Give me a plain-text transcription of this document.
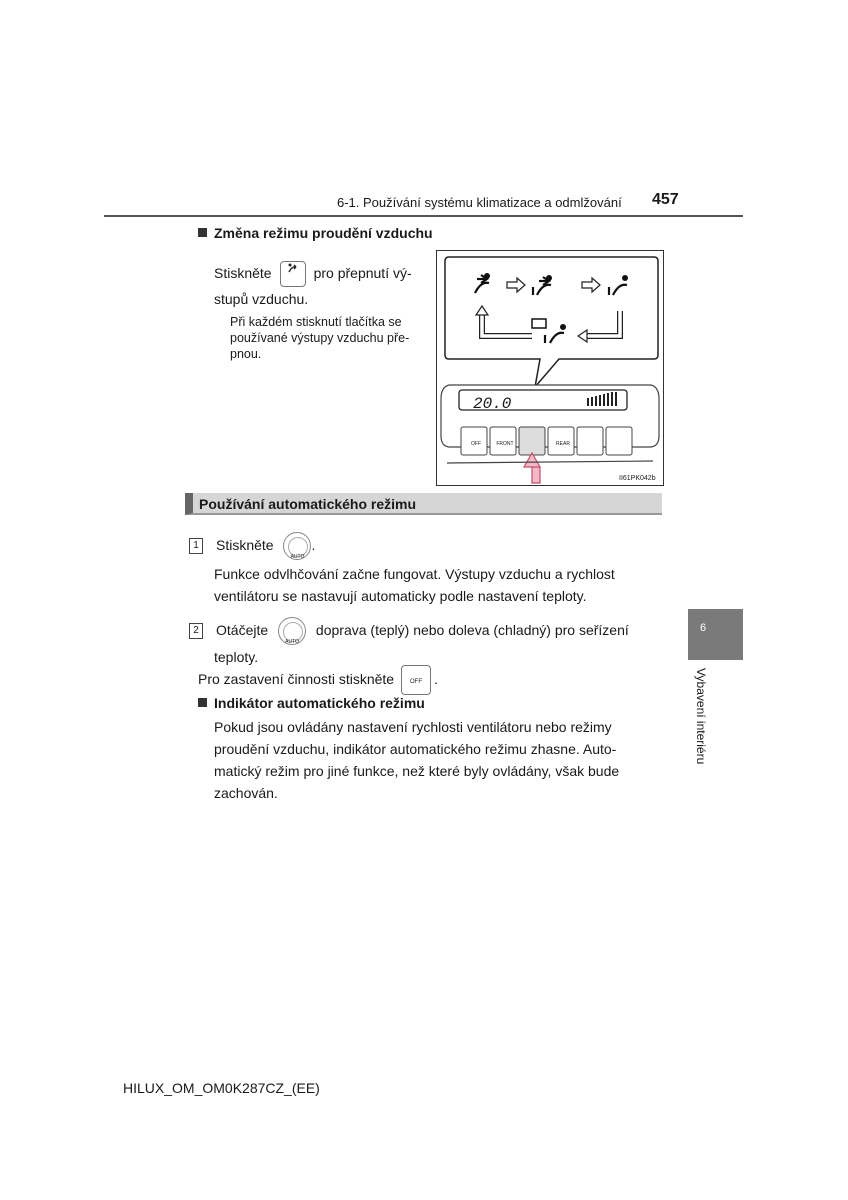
6-1. Používání systému klimatizace a odmlžování 457
Změna režimu proudění vzduchu
Stiskněte	pro přepnutí vý-
stupů vzduchu.
Při každém stisknutí tlačítka se
používané výstupy vzduchu pře-
pnou.
20.0
OFF	FRONT	REAR
II61PK042b
Používání automatického režimu
1 Stiskněte
AUTO
.
Funkce odvlhčování začne fungovat. Výstupy vzduchu a rychlost
ventilátoru se nastavují automaticky podle nastavení teploty.
2 Otáčejte
AUTO
doprava (teplý) nebo doleva (chladný) pro seřízení
teploty.
Pro zastavení činnosti stiskněte	OFF .
Indikátor automatického režimu
Pokud jsou ovládány nastavení rychlosti ventilátoru nebo režimy
proudění vzduchu, indikátor automatického režimu zhasne. Auto-
matický režim pro jiné funkce, než které byly ovládány, však bude
zachován.
6
Vybavení interiéru
HILUX_OM_OM0K287CZ_(EE)
